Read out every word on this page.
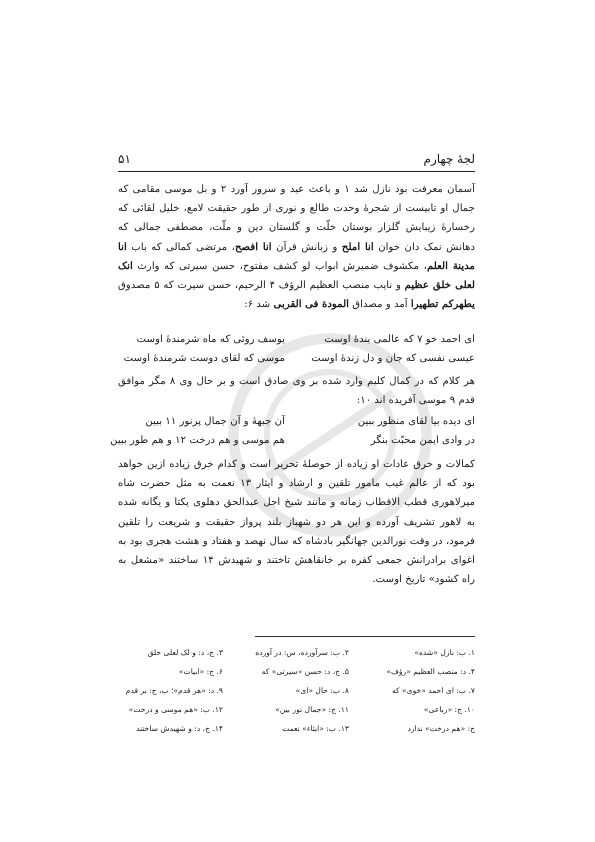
لجهٔ چهارم
۵۱

آسمان معرفت بود نازل شد ۱ و باعث عید و سرور آورد ۲ و بل موسی مقامی که جمال او تابیست از شجرهٔ وحدت طالع و نوری از طور حقیقت لامع، خلیل لقائی که رخسارهٔ زیبایش گلزار بوستان خلّت و گلستان دین و ملّت، مصطفی جمالی که دهانش نمک دان خوان انا املح و زبانش قرآن انا افصح، مرتضی کمالی که باب انا مدینة العلم، مکشوف ضمیرش ابواب لو کشف مفتوح، حسن سیرتی که وارث انک لعلی خلق عظیم و نایب منصب العظیم الرؤف ۴ الرحیم، حسن سیرت که ۵ مصدوق یطهرکم تطهیرا آمد و مصداق المودة فی القربی شد ۶:

ای احمد خو ۷ که عالمی بندهٔ اوست
یوسف روئی که ماه شرمندهٔ اوست
عیسی نفسی که جان و دل زندهٔ اوست
موسی که لقای دوست شرمندهٔ اوست

هر کلام که در کمال کلیم وارد شده بر وی صادق است و بر حال وی ۸ مگر موافق قدم ۹ موسی آفریده اند ۱۰:

ای دیده بیا لقای منظور ببین
آن جبههٔ و آن جمال پرنور ۱۱ ببین
در وادی ایمن محبّت بنگر
هم موسی و هم درخت ۱۲ و هم طور ببین

کمالات و خرق عادات او زیاده از حوصلهٔ تحریر است و کدام خرق زیاده ازین خواهد بود که از عالم غیب مامور تلقین و ارشاد و ایثار ۱۳ نعمت به مثل حضرت شاه میرلاهوری قطب الاقطاب زمانه و مانند شیخ اجل عبدالحق دهلوی یکتا و یگانه شده به لاهور تشریف آورده و این هر دو شهباز بلند پرواز حقیقت و شریعت را تلقین فرمود، در وقت نورالدین جهانگیر بادشاه که سال نهصد و هفتاد و هشت هجری بود به اغوای برادرانش جمعی کفره بر خانقاهش تاختند و شهیدش ۱۴ ساختند «مشعل به راه کشود» تاریخ اوست.

۱. ب: نازل «شده»
۲. ب: سرآورده، س: در آورده
۳. ج، د: و لک لعلی خلق
۴. د: منصب العظیم «رؤف»
۵. ج، د: حسن «سیرتی» که
۶. ج: «ابیات»
۷. ب: ای احمد «خوی» که
۸. ب: حال «ای»
۹. د: «هر قدم»؛ ب، ج: بر قدم
۱۰. ج: «رباعی»
۱۱. ج: «جمال نور بین»
۱۲. ب: «هم موسی و درخت»
ج: «هم درخت» ندارد
۱۳. ب: «ایثاء» نعمت
۱۴. ج، د: و شهیدش ساختند
